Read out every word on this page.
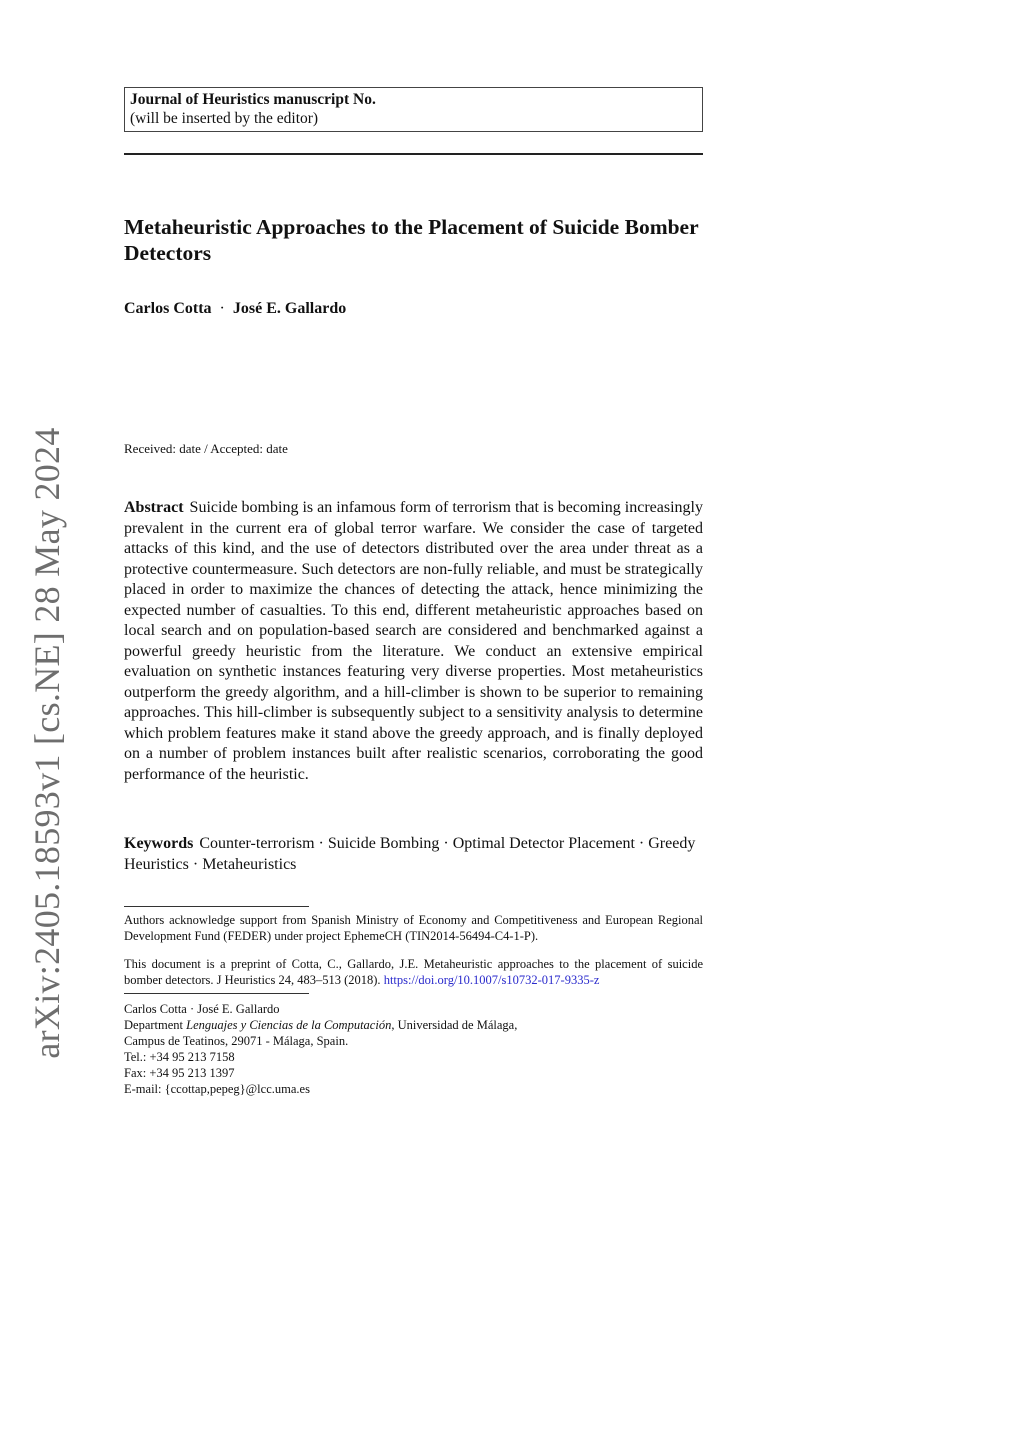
arXiv:2405.18593v1 [cs.NE] 28 May 2024
Journal of Heuristics manuscript No.
(will be inserted by the editor)
Metaheuristic Approaches to the Placement of Suicide Bomber Detectors
Carlos Cotta · José E. Gallardo
Received: date / Accepted: date

Abstract Suicide bombing is an infamous form of terrorism that is becoming increasingly prevalent in the current era of global terror warfare. We consider the case of targeted attacks of this kind, and the use of detectors distributed over the area under threat as a protective countermeasure. Such detectors are non-fully reliable, and must be strategically placed in order to maximize the chances of detecting the attack, hence minimizing the expected number of casualties. To this end, different metaheuristic approaches based on local search and on population-based search are considered and benchmarked against a powerful greedy heuristic from the literature. We conduct an extensive empirical evaluation on synthetic instances featuring very diverse properties. Most metaheuristics outperform the greedy algorithm, and a hill-climber is shown to be superior to remaining approaches. This hill-climber is subsequently subject to a sensitivity analysis to determine which problem features make it stand above the greedy approach, and is finally deployed on a number of problem instances built after realistic scenarios, corroborating the good performance of the heuristic.

Keywords Counter-terrorism · Suicide Bombing · Optimal Detector Placement · Greedy Heuristics · Metaheuristics

Authors acknowledge support from Spanish Ministry of Economy and Competitiveness and European Regional Development Fund (FEDER) under project EphemeCH (TIN2014-56494-C4-1-P).

This document is a preprint of Cotta, C., Gallardo, J.E. Metaheuristic approaches to the placement of suicide bomber detectors. J Heuristics 24, 483–513 (2018). https://doi.org/10.1007/s10732-017-9335-z

Carlos Cotta · José E. Gallardo
Department Lenguajes y Ciencias de la Computación, Universidad de Málaga,
Campus de Teatinos, 29071 - Málaga, Spain.
Tel.: +34 95 213 7158
Fax: +34 95 213 1397
E-mail: {ccottap,pepeg}@lcc.uma.es
